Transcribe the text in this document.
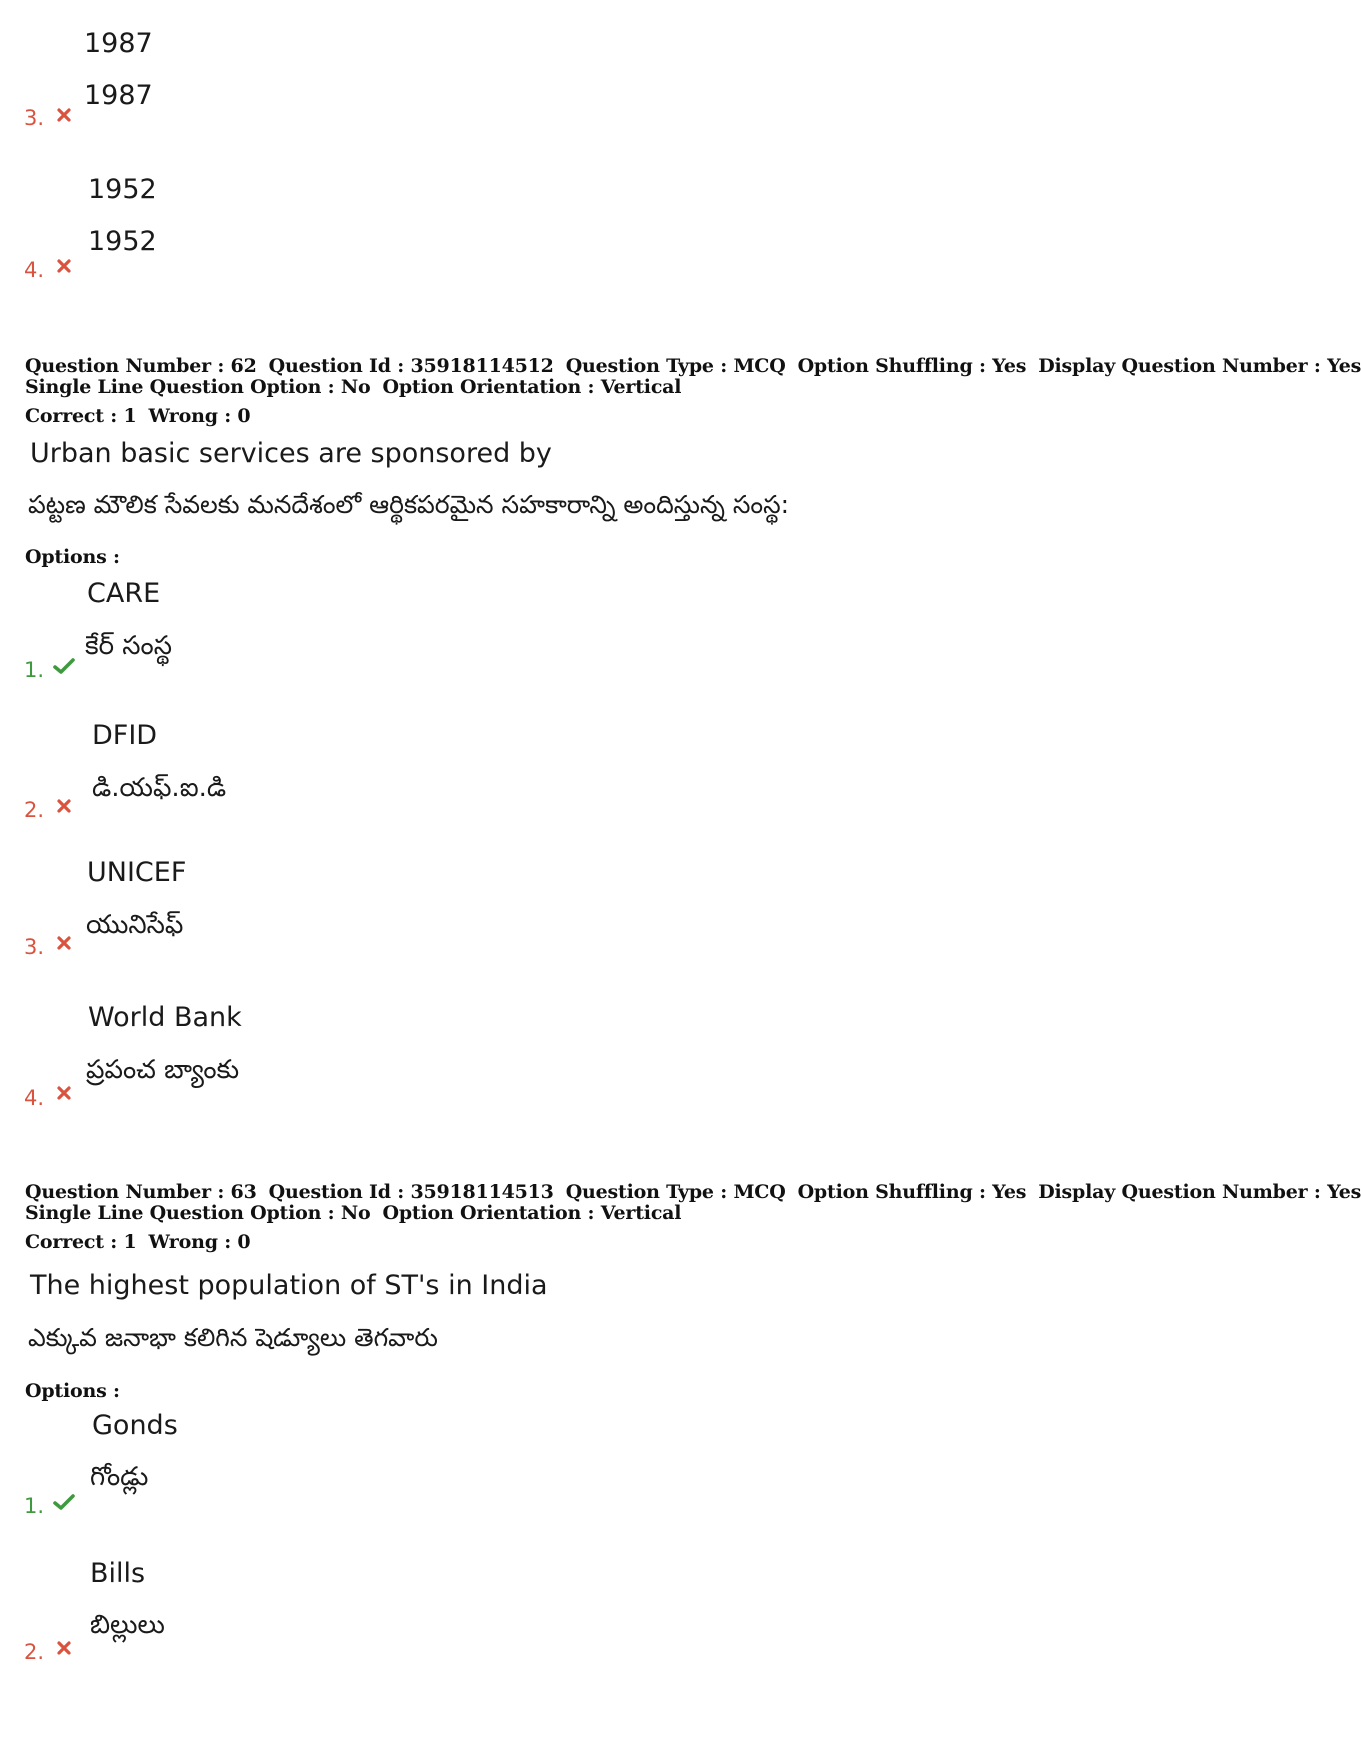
1987
1987
3.
1952
1952
4.
Question Number : 62 Question Id : 35918114512 Question Type : MCQ Option Shuffling : Yes Display Question Number : Yes
Single Line Question Option : No Option Orientation : Vertical
Correct : 1 Wrong : 0
Urban basic services are sponsored by
పట్టణ మౌలిక సేవలకు మనదేశంలో ఆర్థికపరమైన సహకారాన్ని అందిస్తున్న సంస్థ:
Options :
CARE
కేర్ సంస్థ
1.
DFID
డి.యఫ్.ఐ.డి
2.
UNICEF
యునిసేఫ్
3.
World Bank
ప్రపంచ బ్యాంకు
4.
Question Number : 63 Question Id : 35918114513 Question Type : MCQ Option Shuffling : Yes Display Question Number : Yes
Single Line Question Option : No Option Orientation : Vertical
Correct : 1 Wrong : 0
The highest population of ST's in India
ఎక్కువ జనాభా కలిగిన షెడ్యూలు తెగవారు
Options :
Gonds
గోండ్లు
1.
Bills
బిల్లులు
2.
